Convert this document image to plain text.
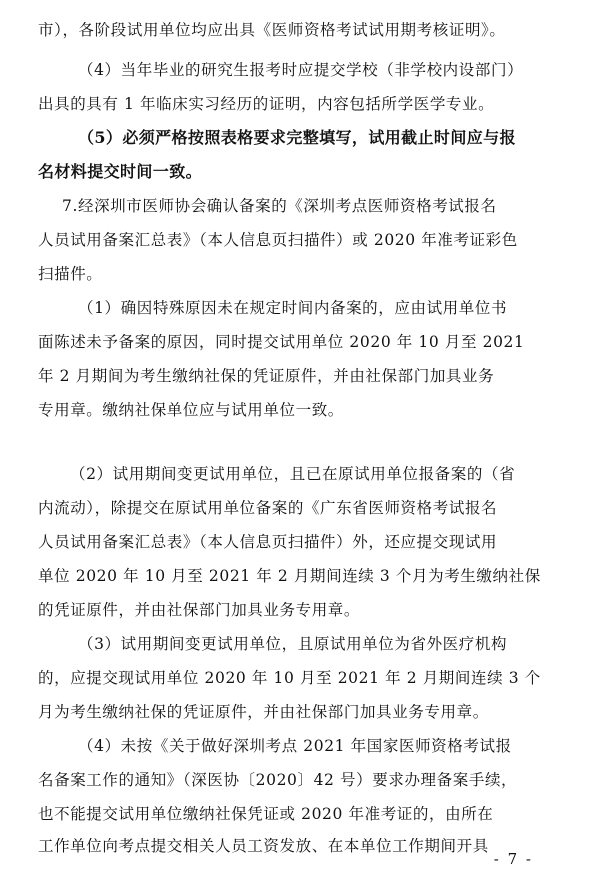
市），各阶段试用单位均应出具《医师资格考试试用期考核证明》。
（4）当年毕业的研究生报考时应提交学校（非学校内设部门）
出具的具有 1 年临床实习经历的证明，内容包括所学医学专业。
（5）必须严格按照表格要求完整填写，试用截止时间应与报
名材料提交时间一致。
7.经深圳市医师协会确认备案的《深圳考点医师资格考试报名
人员试用备案汇总表》（本人信息页扫描件）或 2020 年准考证彩色
扫描件。
（1）确因特殊原因未在规定时间内备案的，应由试用单位书
面陈述未予备案的原因，同时提交试用单位 2020 年 10 月至 2021
年 2 月期间为考生缴纳社保的凭证原件，并由社保部门加具业务
专用章。缴纳社保单位应与试用单位一致。
（2）试用期间变更试用单位，且已在原试用单位报备案的（省
内流动），除提交在原试用单位备案的《广东省医师资格考试报名
人员试用备案汇总表》（本人信息页扫描件）外，还应提交现试用
单位 2020 年 10 月至 2021 年 2 月期间连续 3 个月为考生缴纳社保
的凭证原件，并由社保部门加具业务专用章。
（3）试用期间变更试用单位，且原试用单位为省外医疗机构
的，应提交现试用单位 2020 年 10 月至 2021 年 2 月期间连续 3 个
月为考生缴纳社保的凭证原件，并由社保部门加具业务专用章。
（4）未按《关于做好深圳考点 2021 年国家医师资格考试报
名备案工作的通知》（深医协〔2020〕42 号）要求办理备案手续，
也不能提交试用单位缴纳社保凭证或 2020 年准考证的，由所在
工作单位向考点提交相关人员工资发放、在本单位工作期间开具
- 7 -
